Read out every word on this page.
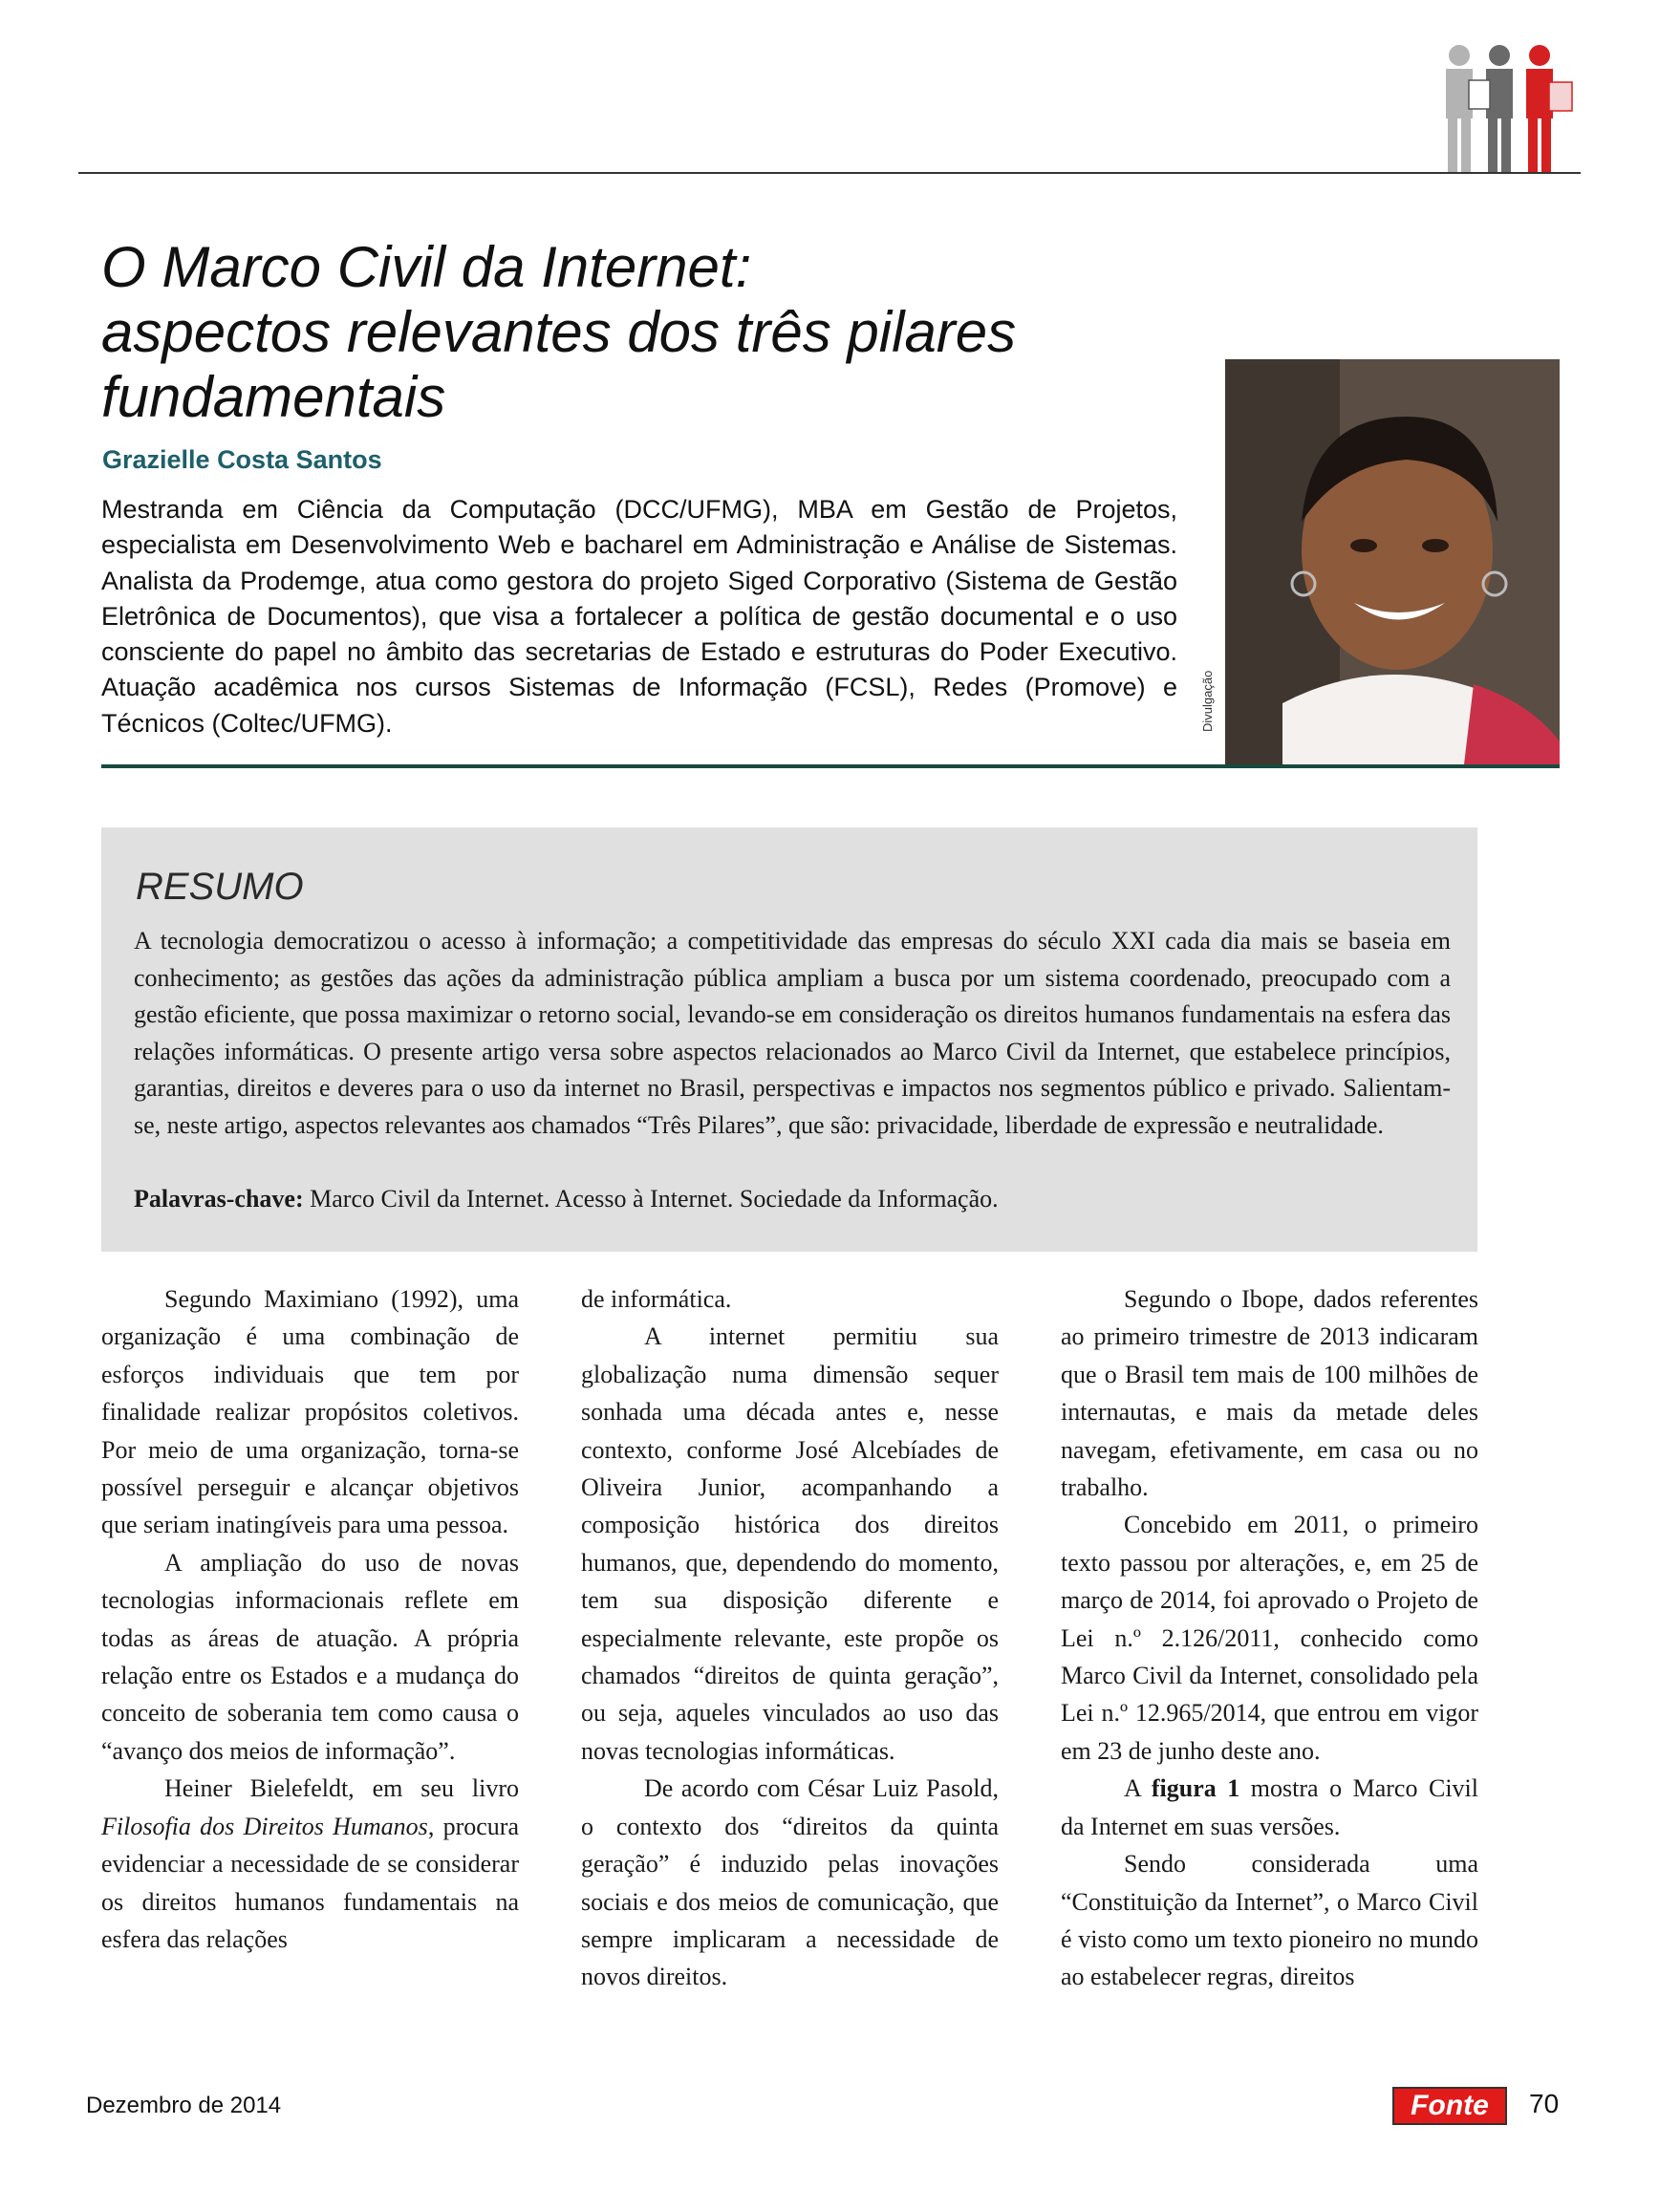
O Marco Civil da Internet:
aspectos relevantes dos três pilares
fundamentais
Grazielle Costa Santos

Mestranda em Ciência da Computação (DCC/UFMG), MBA em Gestão de Projetos, especialista em Desenvolvimento Web e bacharel em Administração e Análise de Sistemas. Analista da Prodemge, atua como gestora do projeto Siged Corporativo (Sistema de Gestão Eletrônica de Documentos), que visa a fortalecer a política de gestão documental e o uso consciente do papel no âmbito das secretarias de Estado e estruturas do Poder Executivo. Atuação acadêmica nos cursos Sistemas de Informação (FCSL), Redes (Promove) e Técnicos (Coltec/UFMG).	Divulgação
RESUMO

A tecnologia democratizou o acesso à informação; a competitividade das empresas do século XXI cada dia mais se baseia em conhecimento; as gestões das ações da administração pública ampliam a busca por um sistema coordenado, preocupado com a gestão eficiente, que possa maximizar o retorno social, levando-se em consideração os direitos humanos fundamentais na esfera das relações informáticas. O presente artigo versa sobre aspectos relacionados ao Marco Civil da Internet, que estabelece princípios, garantias, direitos e deveres para o uso da internet no Brasil, perspectivas e impactos nos segmentos público e privado. Salientam-se, neste artigo, aspectos relevantes aos chamados “Três Pilares”, que são: privacidade, liberdade de expressão e neutralidade.

Palavras-chave: Marco Civil da Internet. Acesso à Internet. Sociedade da Informação.

Segundo Maximiano (1992), uma organização é uma combinação de esforços individuais que tem por finalidade realizar propósitos coletivos. Por meio de uma organização, torna-se possível perseguir e alcançar objetivos que seriam inatingíveis para uma pessoa.

A ampliação do uso de novas tecnologias informacionais reflete em todas as áreas de atuação. A própria relação entre os Estados e a mudança do conceito de soberania tem como causa o “avanço dos meios de informação”.

Heiner Bielefeldt, em seu livro Filosofia dos Direitos Humanos, procura evidenciar a necessidade de se considerar os direitos humanos fundamentais na esfera das relações

de informática.

A internet permitiu sua globalização numa dimensão sequer sonhada uma década antes e, nesse contexto, conforme José Alcebíades de Oliveira Junior, acompanhando a composição histórica dos direitos humanos, que, dependendo do momento, tem sua disposição diferente e especialmente relevante, este propõe os chamados “direitos de quinta geração”, ou seja, aqueles vinculados ao uso das novas tecnologias informáticas.

De acordo com César Luiz Pasold, o contexto dos “direitos da quinta geração” é induzido pelas inovações sociais e dos meios de comunicação, que sempre implicaram a necessidade de novos direitos.

Segundo o Ibope, dados referentes ao primeiro trimestre de 2013 indicaram que o Brasil tem mais de 100 milhões de internautas, e mais da metade deles navegam, efetivamente, em casa ou no trabalho.

Concebido em 2011, o primeiro texto passou por alterações, e, em 25 de março de 2014, foi aprovado o Projeto de Lei n.º 2.126/2011, conhecido como Marco Civil da Internet, consolidado pela Lei n.º 12.965/2014, que entrou em vigor em 23 de junho deste ano.

A figura 1 mostra o Marco Civil da Internet em suas versões.

Sendo considerada uma “Constituição da Internet”, o Marco Civil é visto como um texto pioneiro no mundo ao estabelecer regras, direitos

Dezembro de 2014	Fonte	70
